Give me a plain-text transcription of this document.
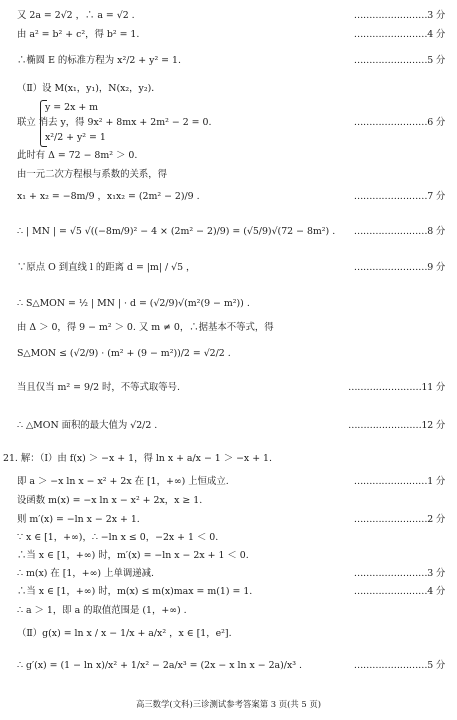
又 2a = 2√2 ，∴ a = √2 .	……………………3 分
由 a² = b² + c²，得 b² = 1.	……………………4 分
∴椭圆 E 的标准方程为 x²/2 + y² = 1.	……………………5 分
（Ⅱ）设 M(x₁，y₁)，N(x₂，y₂)．
y = 2x + m
联立 消去 y，得 9x² + 8mx + 2m² − 2 = 0.	……………………6 分
x²/2 + y² = 1
此时有 Δ = 72 − 8m² ＞ 0.
由一元二次方程根与系数的关系，得
x₁ + x₂ = −8m/9 ，x₁x₂ = (2m² − 2)/9 .	……………………7 分
∴ | MN | = √5 √((−8m/9)² − 4 × (2m² − 2)/9) = (√5/9)√(72 − 8m²) . ……………………8 分
∵原点 O 到直线 l 的距离 d = |m| / √5 ，	……………………9 分
∴ S△MON = ½ | MN | · d = (√2/9)√(m²(9 − m²)) .
由 Δ ＞ 0，得 9 − m² ＞ 0. 又 m ≠ 0，∴据基本不等式，得
S△MON ≤ (√2/9) · (m² + (9 − m²))/2 = √2/2 .
当且仅当 m² = 9/2 时，不等式取等号.	……………………11 分
∴ △MON 面积的最大值为 √2/2 .	……………………12 分
21. 解：（Ⅰ）由 f(x) ＞ −x + 1，得 ln x + a/x − 1 ＞ −x + 1.
即 a ＞ −x ln x − x² + 2x 在 [1，+∞) 上恒成立.	……………………1 分
设函数 m(x) = −x ln x − x² + 2x，x ≥ 1.
则 m′(x) = −ln x − 2x + 1.	……………………2 分
∵ x ∈ [1，+∞)，∴ −ln x ≤ 0，−2x + 1 ＜ 0.
∴当 x ∈ [1，+∞) 时，m′(x) = −ln x − 2x + 1 ＜ 0.
∴ m(x) 在 [1，+∞) 上单调递减.	……………………3 分
∴当 x ∈ [1，+∞) 时，m(x) ≤ m(x)max = m(1) = 1.	……………………4 分
∴ a ＞ 1，即 a 的取值范围是 (1，+∞) .
（Ⅱ）g(x) = ln x / x − 1/x + a/x² ，x ∈ [1，e²].
∴ g′(x) = (1 − ln x)/x² + 1/x² − 2a/x³ = (2x − x ln x − 2a)/x³ .	……………………5 分
高三数学(文科)三诊测试参考答案第 3 页(共 5 页)
